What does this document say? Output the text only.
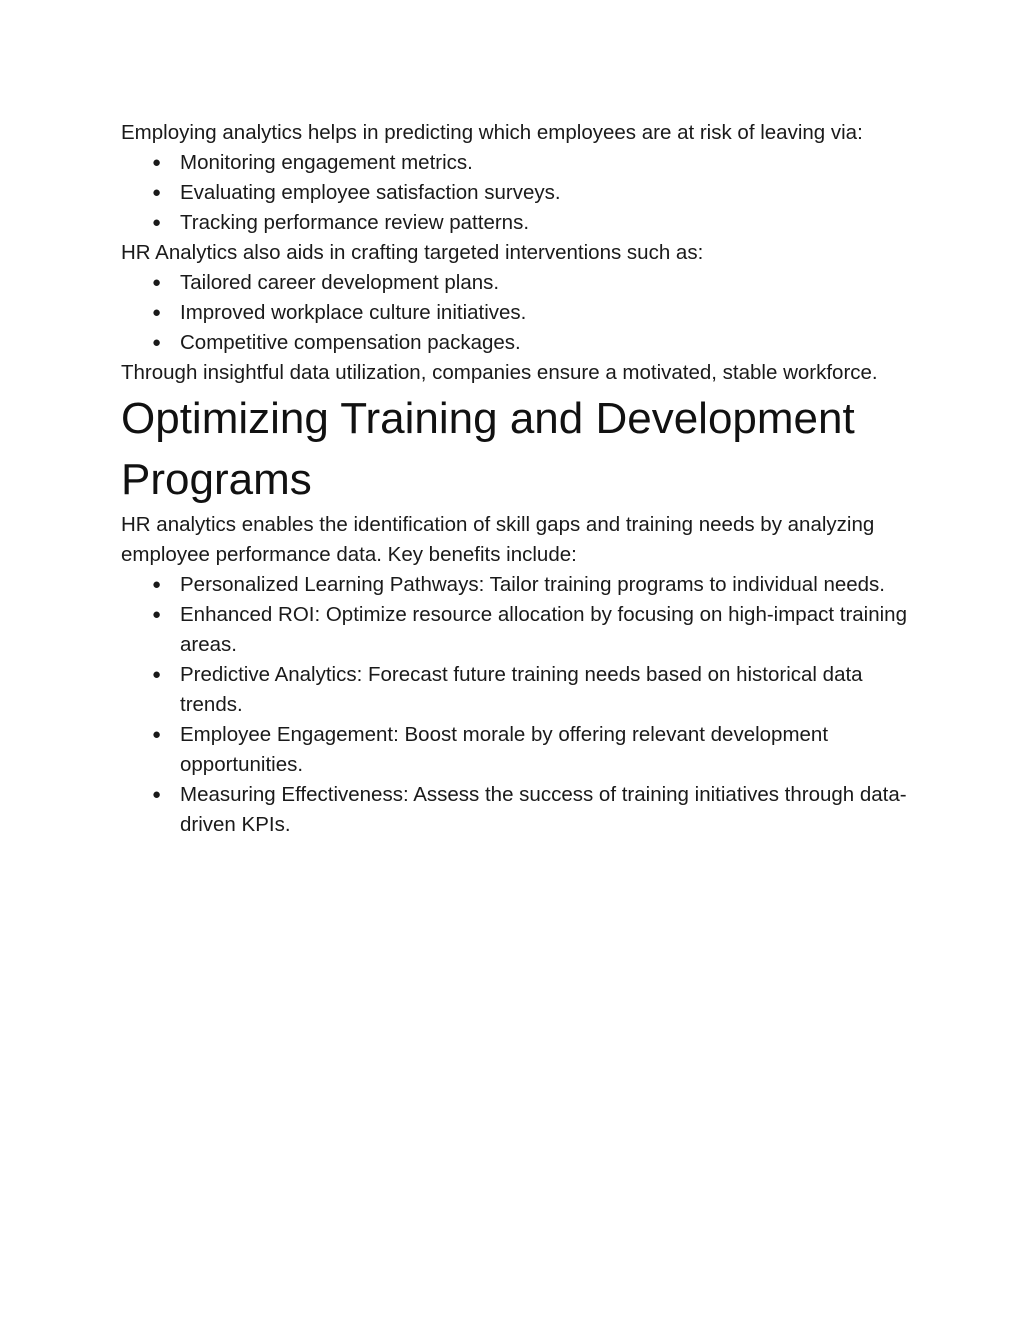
Employing analytics helps in predicting which employees are at risk of leaving via:

● Monitoring engagement metrics.
● Evaluating employee satisfaction surveys.
● Tracking performance review patterns.

HR Analytics also aids in crafting targeted interventions such as:

● Tailored career development plans.
● Improved workplace culture initiatives.
● Competitive compensation packages.

Through insightful data utilization, companies ensure a motivated, stable workforce.

Optimizing Training and Development Programs

HR analytics enables the identification of skill gaps and training needs by analyzing employee performance data. Key benefits include:

● Personalized Learning Pathways: Tailor training programs to individual needs.
● Enhanced ROI: Optimize resource allocation by focusing on high-impact training areas.
● Predictive Analytics: Forecast future training needs based on historical data trends.
● Employee Engagement: Boost morale by offering relevant development opportunities.
● Measuring Effectiveness: Assess the success of training initiatives through data-driven KPIs.
